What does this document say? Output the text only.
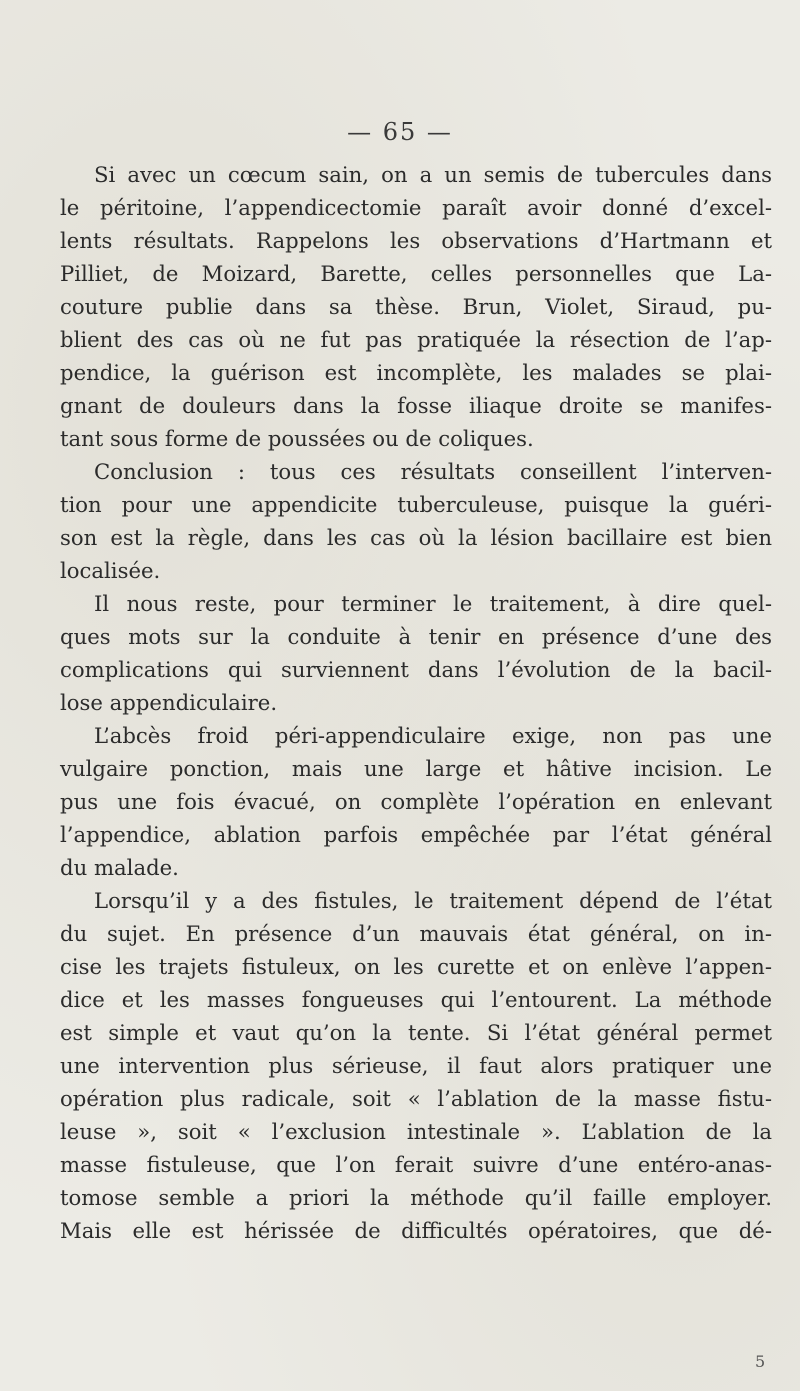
— 65 —

Si avec un cœcum sain, on a un semis de tubercules dans
le péritoine, l’appendicectomie paraît avoir donné d’excel-
lents résultats. Rappelons les observations d’Hartmann et
Pilliet, de Moizard, Barette, celles personnelles que La-
couture publie dans sa thèse. Brun, Violet, Siraud, pu-
blient des cas où ne fut pas pratiquée la résection de l’ap-
pendice, la guérison est incomplète, les malades se plai-
gnant de douleurs dans la fosse iliaque droite se manifes-
tant sous forme de poussées ou de coliques.

Conclusion : tous ces résultats conseillent l’interven-
tion pour une appendicite tuberculeuse, puisque la guéri-
son est la règle, dans les cas où la lésion bacillaire est bien
localisée.

Il nous reste, pour terminer le traitement, à dire quel-
ques mots sur la conduite à tenir en présence d’une des
complications qui surviennent dans l’évolution de la bacil-
lose appendiculaire.

L’abcès froid péri-appendiculaire exige, non pas une
vulgaire ponction, mais une large et hâtive incision. Le
pus une fois évacué, on complète l’opération en enlevant
l’appendice, ablation parfois empêchée par l’état général
du malade.

Lorsqu’il y a des fistules, le traitement dépend de l’état
du sujet. En présence d’un mauvais état général, on in-
cise les trajets fistuleux, on les curette et on enlève l’appen-
dice et les masses fongueuses qui l’entourent. La méthode
est simple et vaut qu’on la tente. Si l’état général permet
une intervention plus sérieuse, il faut alors pratiquer une
opération plus radicale, soit « l’ablation de la masse fistu-
leuse », soit « l’exclusion intestinale ». L’ablation de la
masse fistuleuse, que l’on ferait suivre d’une entéro-anas-
tomose semble a priori la méthode qu’il faille employer.
Mais elle est hérissée de difficultés opératoires, que dé-

5
